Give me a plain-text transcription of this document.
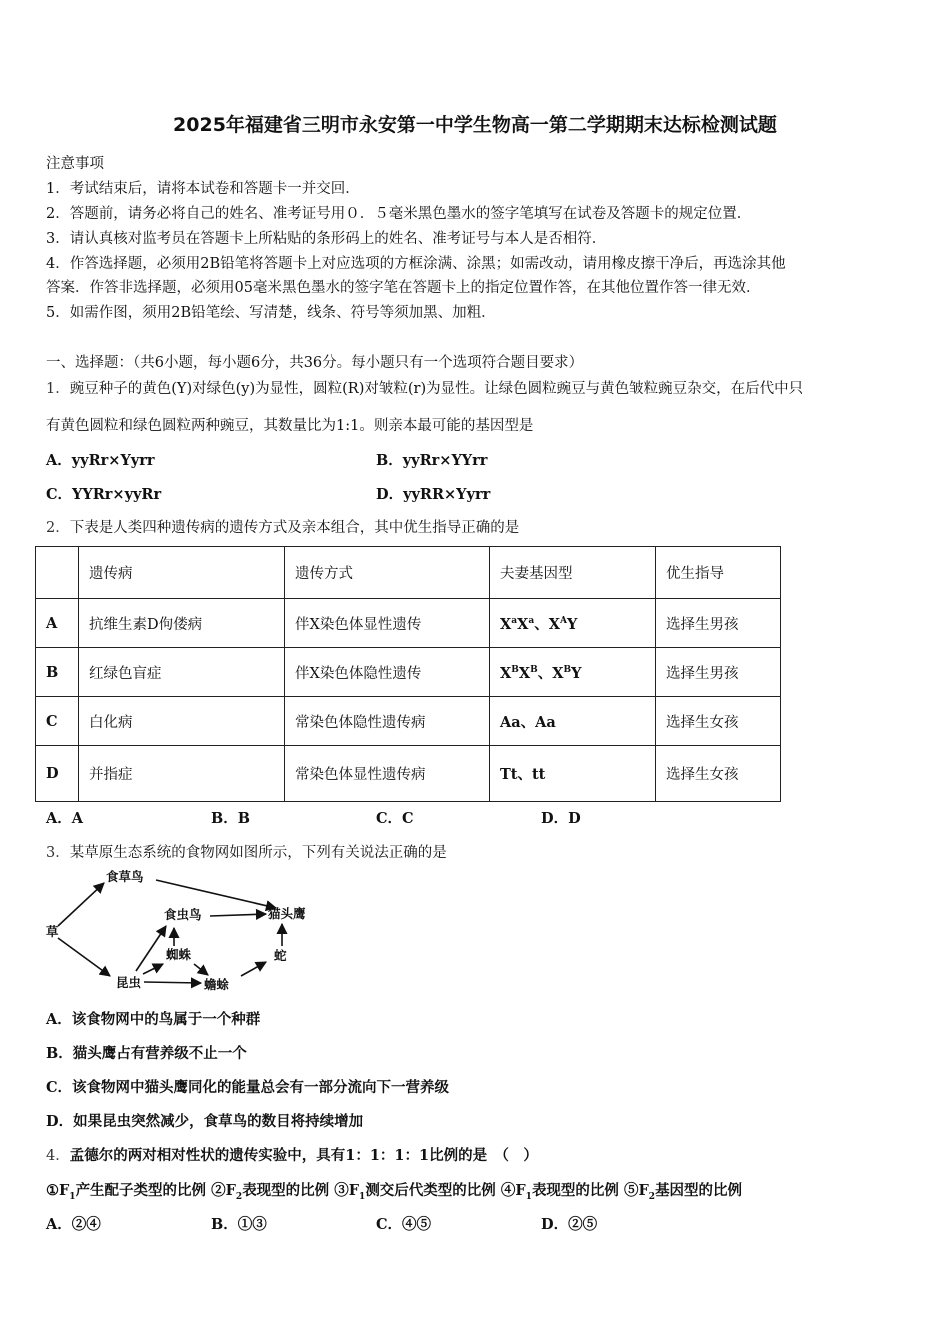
2025年福建省三明市永安第一中学生物高一第二学期期末达标检测试题
注意事项
1．考试结束后，请将本试卷和答题卡一并交回．
2．答题前，请务必将自己的姓名、准考证号用０．５毫米黑色墨水的签字笔填写在试卷及答题卡的规定位置．
3．请认真核对监考员在答题卡上所粘贴的条形码上的姓名、准考证号与本人是否相符．
4．作答选择题，必须用2B铅笔将答题卡上对应选项的方框涂满、涂黑；如需改动，请用橡皮擦干净后，再选涂其他
答案．作答非选择题，必须用05毫米黑色墨水的签字笔在答题卡上的指定位置作答，在其他位置作答一律无效．
5．如需作图，须用2B铅笔绘、写清楚，线条、符号等须加黑、加粗．
一、选择题：（共6小题，每小题6分，共36分。每小题只有一个选项符合题目要求）
1．豌豆种子的黄色(Y)对绿色(y)为显性，圆粒(R)对皱粒(r)为显性。让绿色圆粒豌豆与黄色皱粒豌豆杂交，在后代中只
有黄色圆粒和绿色圆粒两种豌豆，其数量比为1:1。则亲本最可能的基因型是
A．yyRr×Yyrr	B．yyRr×YYrr
C．YYRr×yyRr	D．yyRR×Yyrr
2．下表是人类四种遗传病的遗传方式及亲本组合，其中优生指导正确的是
	遗传病	遗传方式	夫妻基因型	优生指导
A	抗维生素D佝偻病	伴X染色体显性遗传	$X^aX^a$、$X^AY$	选择生男孩
B	红绿色盲症	伴X染色体隐性遗传	$X^BX^B$、$X^BY$	选择生男孩
C	白化病	常染色体隐性遗传病	Aa、Aa	选择生女孩
D	并指症	常染色体显性遗传病	Tt、tt	选择生女孩
A．A	B．B	C．C	D．D
3．某草原生态系统的食物网如图所示，下列有关说法正确的是
草
食草鸟
食虫鸟	猫头鹰
蜘蛛
昆虫	蟾蜍
蛇
A．该食物网中的鸟属于一个种群
B．猫头鹰占有营养级不止一个
C．该食物网中猫头鹰同化的能量总会有一部分流向下一营养级
D．如果昆虫突然减少，食草鸟的数目将持续增加
4．孟德尔的两对相对性状的遗传实验中，具有1：1：1：1比例的是　（　）
$①F_1$产生配子类型的比例 $②F_2$表现型的比例 $③F_1$测交后代类型的比例 $④F_1$表现型的比例 $⑤F_2$基因型的比例
A．②④	B．①③	C．④⑤	D．②⑤
